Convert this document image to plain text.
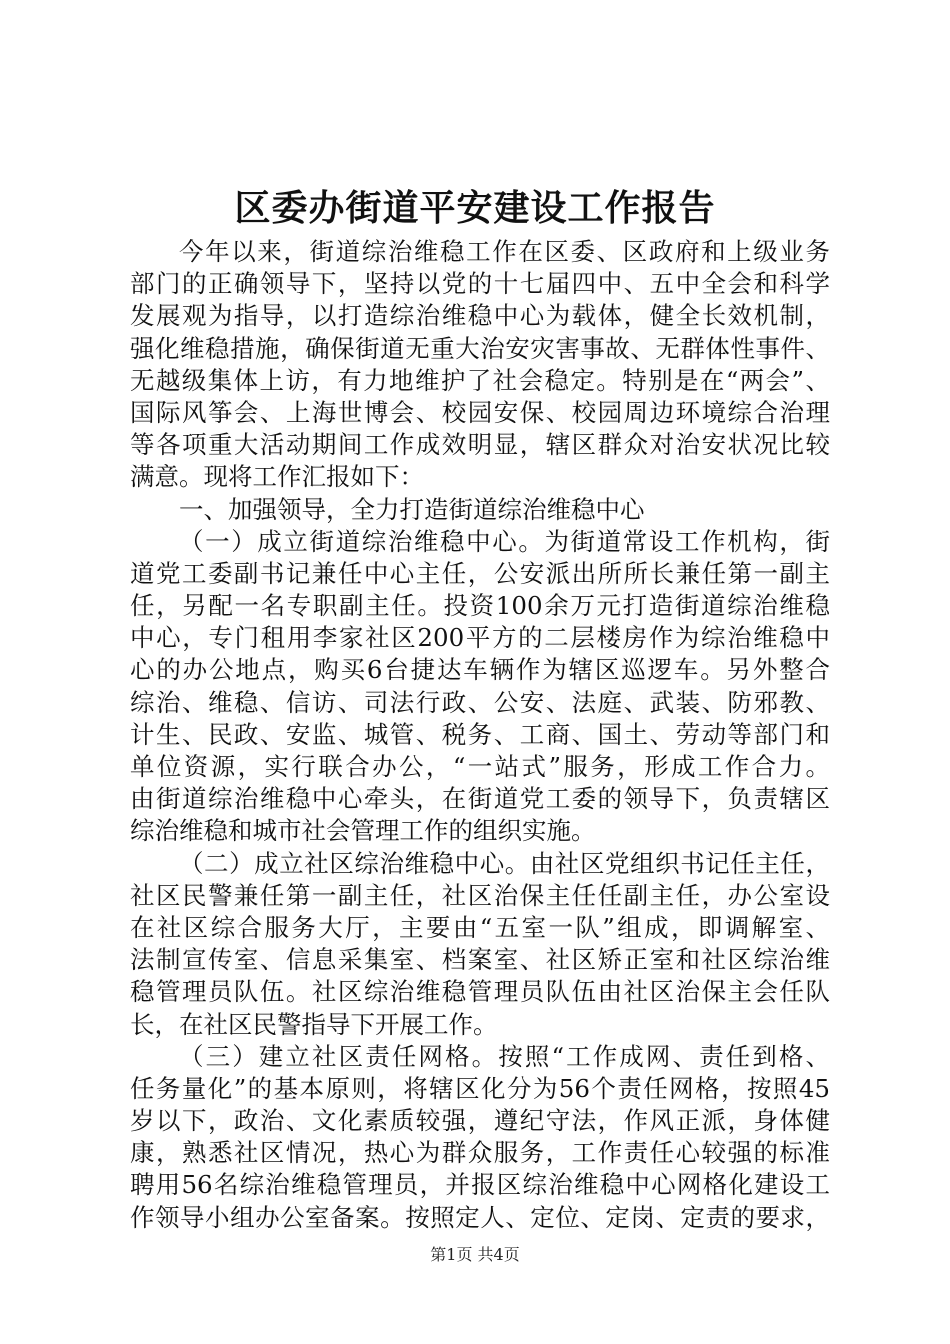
区委办街道平安建设工作报告
今年以来，街道综治维稳工作在区委、区政府和上级业务
部门的正确领导下，坚持以党的十七届四中、五中全会和科学
发展观为指导，以打造综治维稳中心为载体，健全长效机制，
强化维稳措施，确保街道无重大治安灾害事故、无群体性事件、
无越级集体上访，有力地维护了社会稳定。特别是在“两会”、
国际风筝会、上海世博会、校园安保、校园周边环境综合治理
等各项重大活动期间工作成效明显，辖区群众对治安状况比较
满意。现将工作汇报如下：
一、加强领导，全力打造街道综治维稳中心
（一）成立街道综治维稳中心。为街道常设工作机构，街
道党工委副书记兼任中心主任，公安派出所所长兼任第一副主
任，另配一名专职副主任。投资100余万元打造街道综治维稳
中心，专门租用李家社区200平方的二层楼房作为综治维稳中
心的办公地点，购买6台捷达车辆作为辖区巡逻车。另外整合
综治、维稳、信访、司法行政、公安、法庭、武装、防邪教、
计生、民政、安监、城管、税务、工商、国土、劳动等部门和
单位资源，实行联合办公，“一站式”服务，形成工作合力。
由街道综治维稳中心牵头，在街道党工委的领导下，负责辖区
综治维稳和城市社会管理工作的组织实施。
（二）成立社区综治维稳中心。由社区党组织书记任主任，
社区民警兼任第一副主任，社区治保主任任副主任，办公室设
在社区综合服务大厅，主要由“五室一队”组成，即调解室、
法制宣传室、信息采集室、档案室、社区矫正室和社区综治维
稳管理员队伍。社区综治维稳管理员队伍由社区治保主会任队
长，在社区民警指导下开展工作。
（三）建立社区责任网格。按照“工作成网、责任到格、
任务量化”的基本原则，将辖区化分为56个责任网格，按照45
岁以下，政治、文化素质较强，遵纪守法，作风正派，身体健
康，熟悉社区情况，热心为群众服务，工作责任心较强的标准
聘用56名综治维稳管理员，并报区综治维稳中心网格化建设工
作领导小组办公室备案。按照定人、定位、定岗、定责的要求，
第1页 共4页
